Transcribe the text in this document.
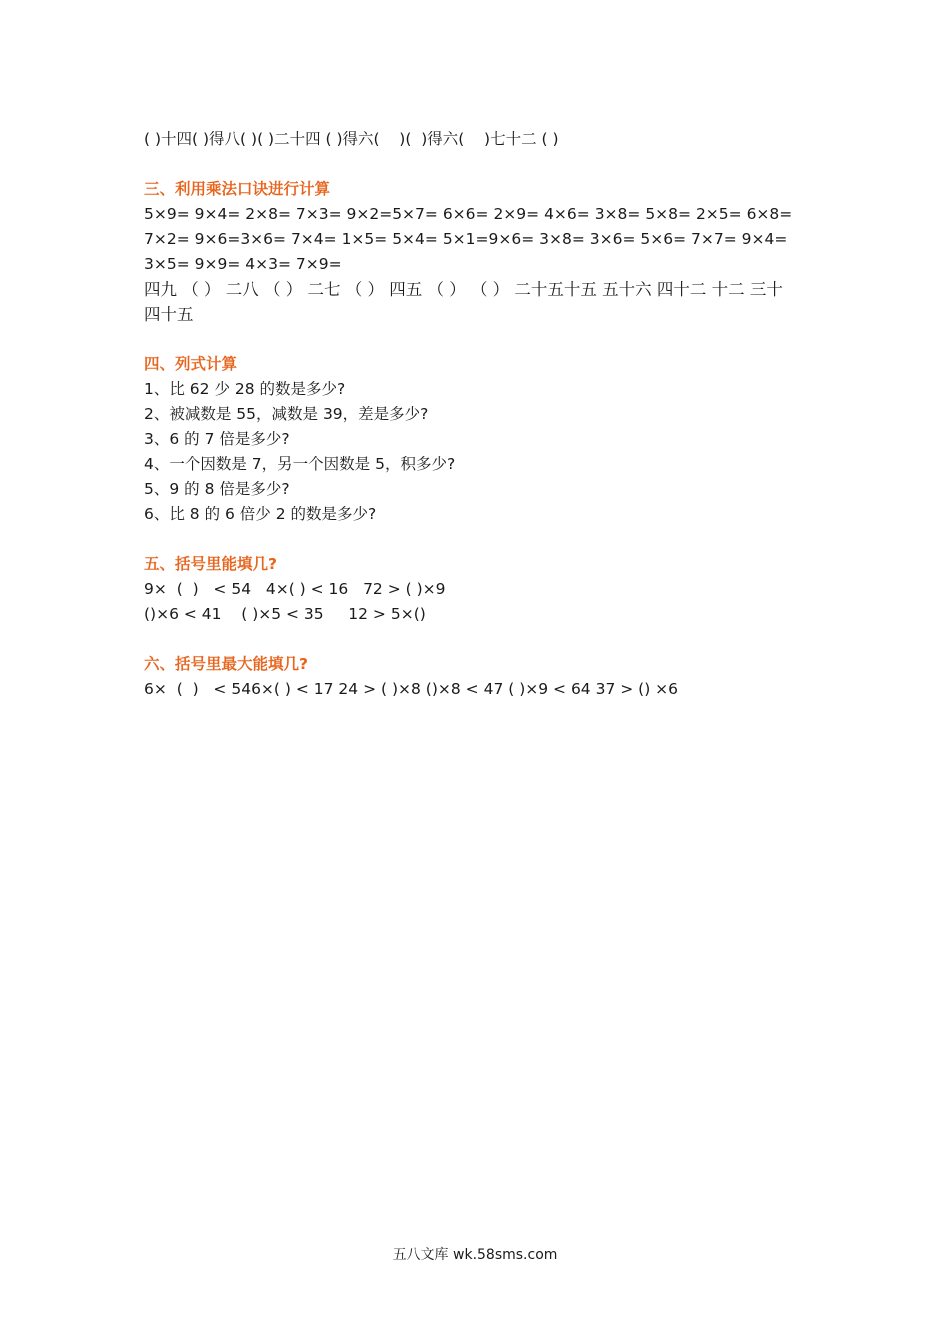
( )十四( )得八( )( )二十四 ( )得六(    )(  )得六(    )七十二 ( )
三、利用乘法口诀进行计算
5×9= 9×4= 2×8= 7×3= 9×2=5×7= 6×6= 2×9= 4×6= 3×8= 5×8= 2×5= 6×8=
7×2= 9×6=3×6= 7×4= 1×5= 5×4= 5×1=9×6= 3×8= 3×6= 5×6= 7×7= 9×4=
3×5= 9×9= 4×3= 7×9=
四九 （ ） 二八 （ ） 二七 （ ） 四五 （ ） （ ） 二十五十五 五十六 四十二 十二 三十 四十五
四、列式计算
1、比 62 少 28 的数是多少?
2、被减数是 55，减数是 39，差是多少?
3、6 的 7 倍是多少?
4、一个因数是 7，另一个因数是 5，积多少?
5、9 的 8 倍是多少?
6、比 8 的 6 倍少 2 的数是多少?
五、括号里能填几?
9×  (  )   < 54   4×( ) < 16   72 > ( )×9
()×6 < 41    ( )×5 < 35     12 > 5×()
六、括号里最大能填几?
6×  (  )   < 546×( ) < 17 24 > ( )×8 ()×8 < 47 ( )×9 < 64 37 > () ×6
五八文库 wk.58sms.com
